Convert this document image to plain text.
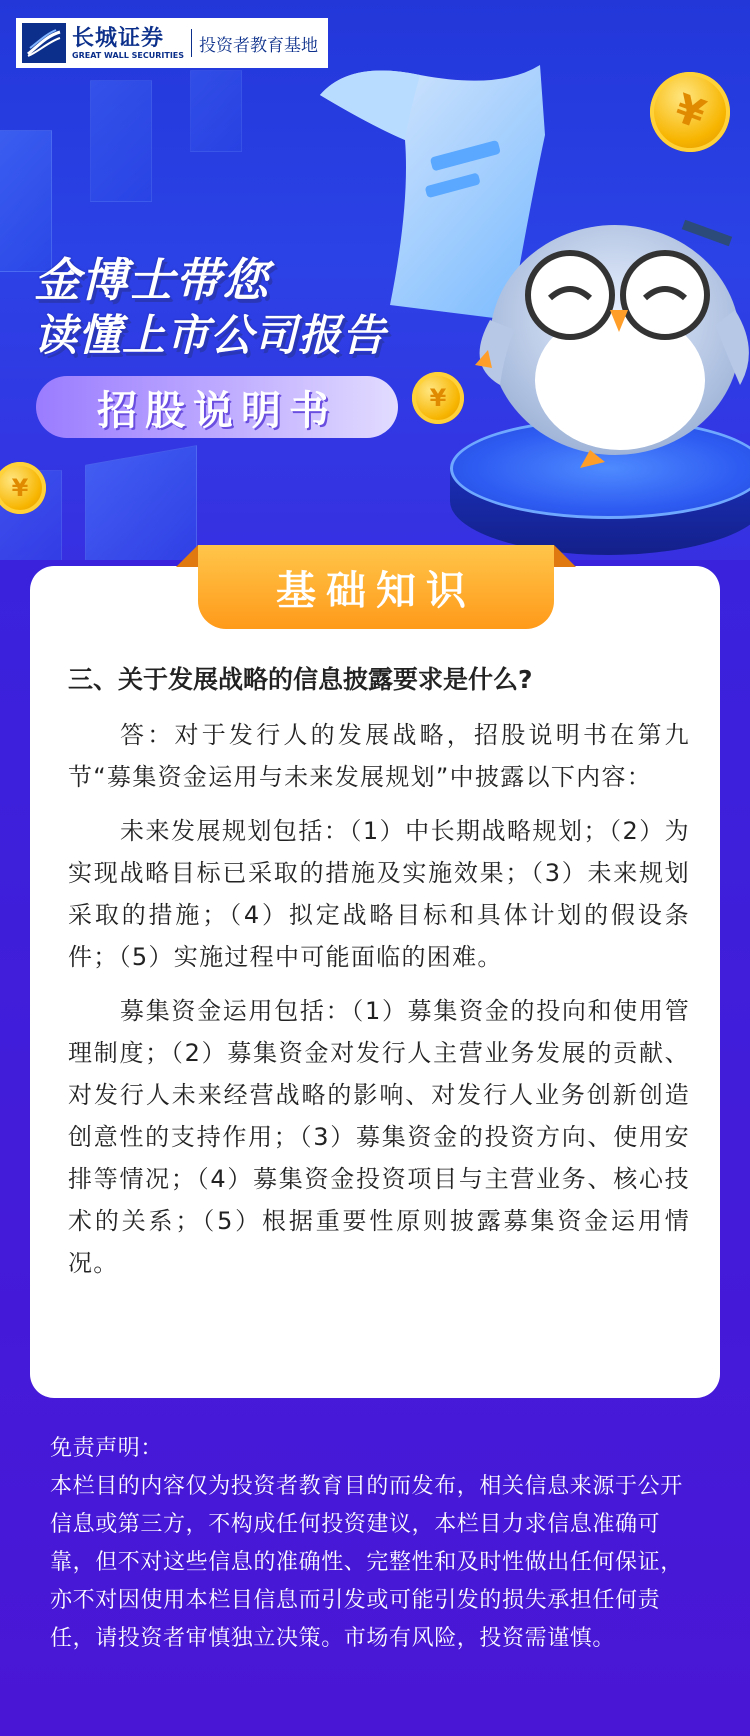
长城证券
GREAT WALL SECURITIES 投资者教育基地
¥
¥
¥
金博士带您
读懂上市公司报告
招股说明书
基础知识
三、关于发展战略的信息披露要求是什么?

答：对于发行人的发展战略，招股说明书在第九节“募集资金运用与未来发展规划”中披露以下内容：

未来发展规划包括：（1）中长期战略规划；（2）为实现战略目标已采取的措施及实施效果；（3）未来规划采取的措施；（4）拟定战略目标和具体计划的假设条件；（5）实施过程中可能面临的困难。

募集资金运用包括：（1）募集资金的投向和使用管理制度；（2）募集资金对发行人主营业务发展的贡献、对发行人未来经营战略的影响、对发行人业务创新创造创意性的支持作用；（3）募集资金的投资方向、使用安排等情况；（4）募集资金投资项目与主营业务、核心技术的关系；（5）根据重要性原则披露募集资金运用情况。

免责声明：
本栏目的内容仅为投资者教育目的而发布，相关信息来源于公开信息或第三方，不构成任何投资建议，本栏目力求信息准确可靠，但不对这些信息的准确性、完整性和及时性做出任何保证，亦不对因使用本栏目信息而引发或可能引发的损失承担任何责任，请投资者审慎独立决策。市场有风险，投资需谨慎。
